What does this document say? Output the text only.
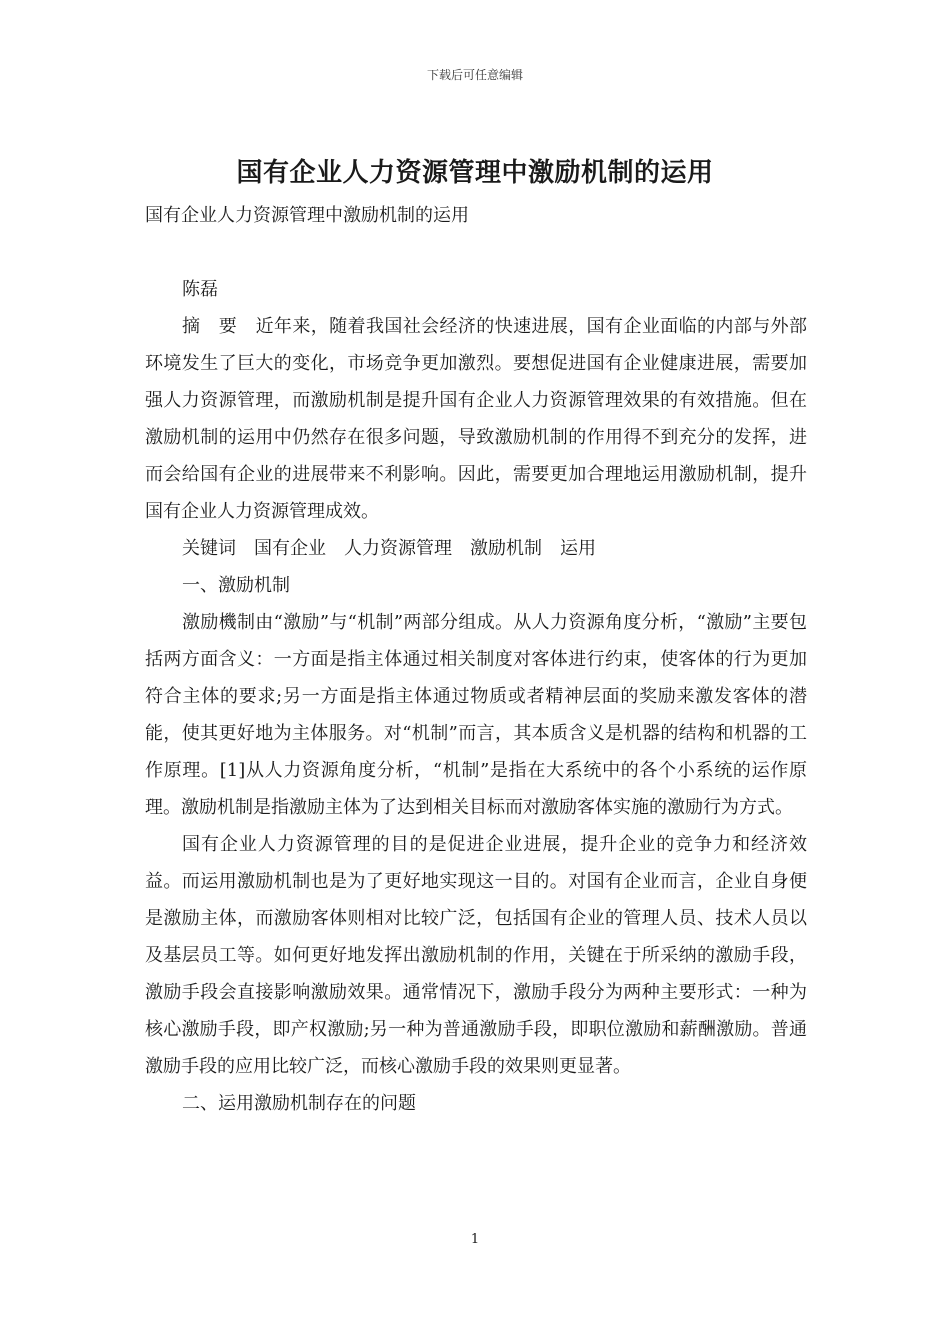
下载后可任意编辑
国有企业人力资源管理中激励机制的运用

国有企业人力资源管理中激励机制的运用

陈磊

摘　要　近年来，随着我国社会经济的快速进展，国有企业面临的内部与外部环境发生了巨大的变化，市场竞争更加激烈。要想促进国有企业健康进展，需要加强人力资源管理，而激励机制是提升国有企业人力资源管理效果的有效措施。但在激励机制的运用中仍然存在很多问题，导致激励机制的作用得不到充分的发挥，进而会给国有企业的进展带来不利影响。因此，需要更加合理地运用激励机制，提升国有企业人力资源管理成效。

关键词　国有企业　人力资源管理　激励机制　运用

一、激励机制

激励機制由“激励”与“机制”两部分组成。从人力资源角度分析，“激励”主要包括两方面含义：一方面是指主体通过相关制度对客体进行约束，使客体的行为更加符合主体的要求;另一方面是指主体通过物质或者精神层面的奖励来激发客体的潜能，使其更好地为主体服务。对“机制”而言，其本质含义是机器的结构和机器的工作原理。[1]从人力资源角度分析，“机制”是指在大系统中的各个小系统的运作原理。激励机制是指激励主体为了达到相关目标而对激励客体实施的激励行为方式。

国有企业人力资源管理的目的是促进企业进展，提升企业的竞争力和经济效益。而运用激励机制也是为了更好地实现这一目的。对国有企业而言，企业自身便是激励主体，而激励客体则相对比较广泛，包括国有企业的管理人员、技术人员以及基层员工等。如何更好地发挥出激励机制的作用，关键在于所采纳的激励手段，激励手段会直接影响激励效果。通常情况下，激励手段分为两种主要形式：一种为核心激励手段，即产权激励;另一种为普通激励手段，即职位激励和薪酬激励。普通激励手段的应用比较广泛，而核心激励手段的效果则更显著。

二、运用激励机制存在的问题

1
